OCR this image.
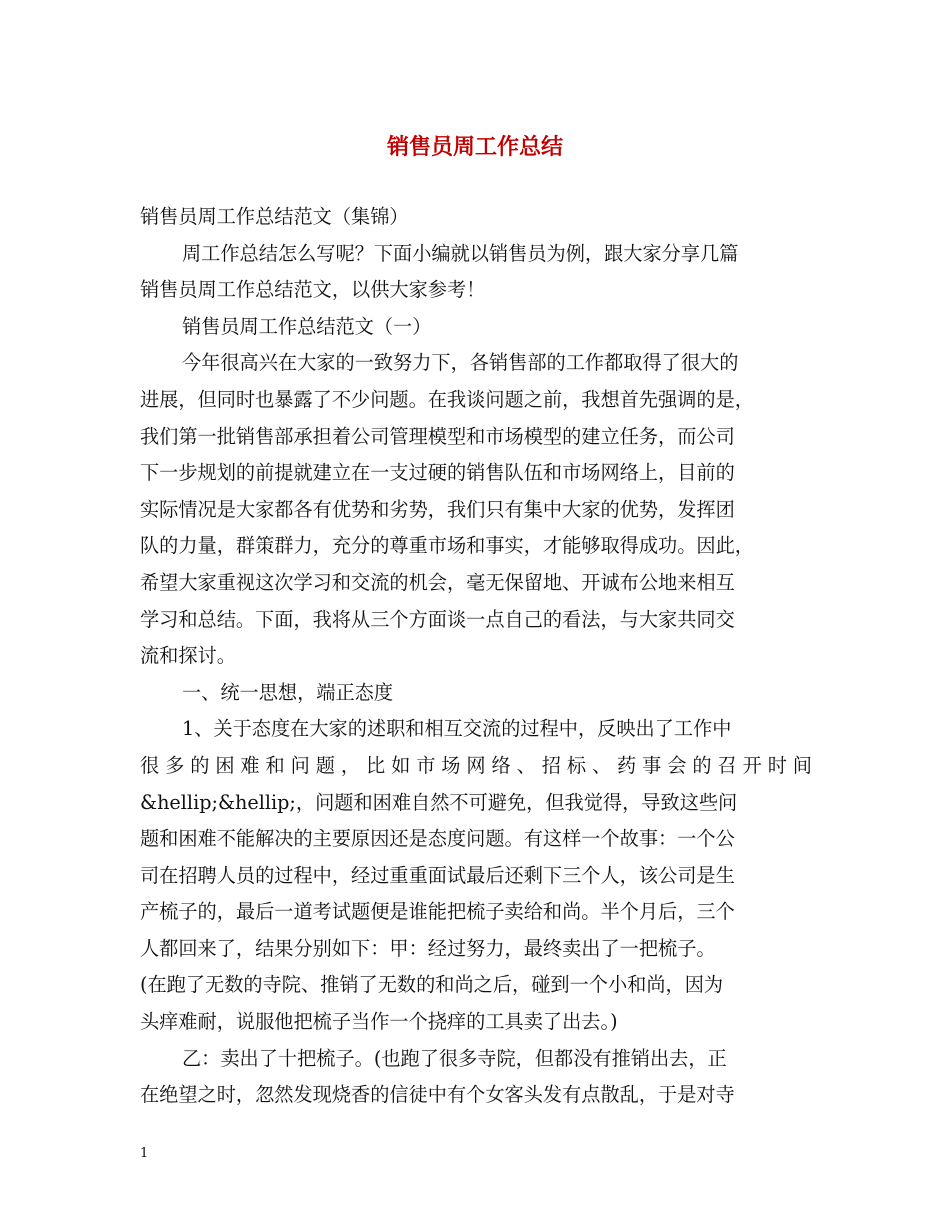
销售员周工作总结
销售员周工作总结范文（集锦）
周工作总结怎么写呢？下面小编就以销售员为例，跟大家分享几篇
销售员周工作总结范文，以供大家参考！
销售员周工作总结范文（一）
今年很高兴在大家的一致努力下，各销售部的工作都取得了很大的
进展，但同时也暴露了不少问题。在我谈问题之前，我想首先强调的是，
我们第一批销售部承担着公司管理模型和市场模型的建立任务，而公司
下一步规划的前提就建立在一支过硬的销售队伍和市场网络上，目前的
实际情况是大家都各有优势和劣势，我们只有集中大家的优势，发挥团
队的力量，群策群力，充分的尊重市场和事实，才能够取得成功。因此，
希望大家重视这次学习和交流的机会，毫无保留地、开诚布公地来相互
学习和总结。下面，我将从三个方面谈一点自己的看法，与大家共同交
流和探讨。
一、统一思想，端正态度
1、关于态度在大家的述职和相互交流的过程中，反映出了工作中
很多的困难和问题，比如市场网络、招标、药事会的召开时间
&hellip;&hellip;，问题和困难自然不可避免，但我觉得，导致这些问
题和困难不能解决的主要原因还是态度问题。有这样一个故事：一个公
司在招聘人员的过程中，经过重重面试最后还剩下三个人，该公司是生
产梳子的，最后一道考试题便是谁能把梳子卖给和尚。半个月后，三个
人都回来了，结果分别如下：甲：经过努力，最终卖出了一把梳子。
(在跑了无数的寺院、推销了无数的和尚之后，碰到一个小和尚，因为
头痒难耐，说服他把梳子当作一个挠痒的工具卖了出去。)
乙：卖出了十把梳子。(也跑了很多寺院，但都没有推销出去，正
在绝望之时，忽然发现烧香的信徒中有个女客头发有点散乱，于是对寺
1
